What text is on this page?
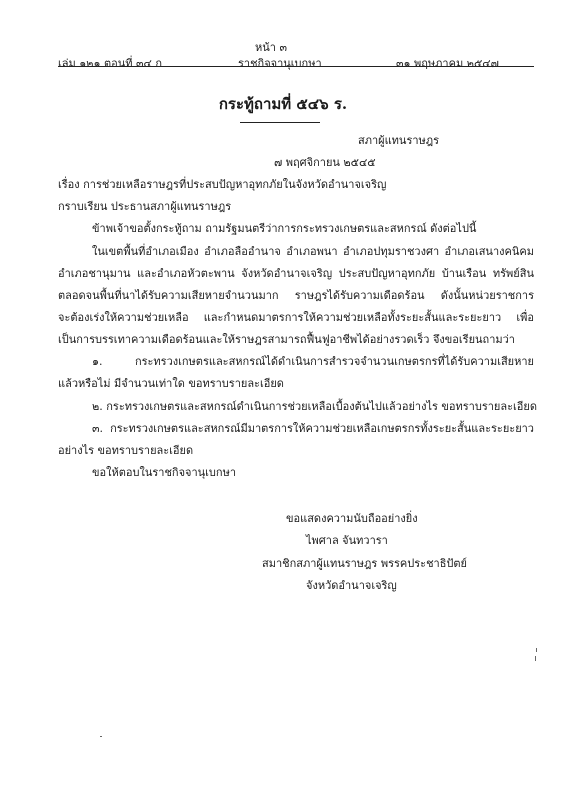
หน้า ๓
เล่ม ๑๒๑ ตอนที่ ๓๔ ก	ราชกิจจานุเบกษา	๓๑ พฤษภาคม ๒๕๔๗
กระทู้ถามที่ ๕๔๖ ร.
สภาผู้แทนราษฎร
๗ พฤศจิกายน ๒๕๔๕
เรื่อง การช่วยเหลือราษฎรที่ประสบปัญหาอุทกภัยในจังหวัดอำนาจเจริญ
กราบเรียน ประธานสภาผู้แทนราษฎร
ข้าพเจ้าขอตั้งกระทู้ถาม ถามรัฐมนตรีว่าการกระทรวงเกษตรและสหกรณ์ ดังต่อไปนี้
ในเขตพื้นที่อำเภอเมือง อำเภอลืออำนาจ อำเภอพนา อำเภอปทุมราชวงศา อำเภอเสนางคนิคม
อำเภอชานุมาน และอำเภอหัวตะพาน จังหวัดอำนาจเจริญ ประสบปัญหาอุทกภัย บ้านเรือน ทรัพย์สิน
ตลอดจนพื้นที่นาได้รับความเสียหายจำนวนมาก ราษฎรได้รับความเดือดร้อน ดังนั้นหน่วยราชการ
จะต้องเร่งให้ความช่วยเหลือ และกำหนดมาตรการให้ความช่วยเหลือทั้งระยะสั้นและระยะยาว เพื่อ
เป็นการบรรเทาความเดือดร้อนและให้ราษฎรสามารถฟื้นฟูอาชีพได้อย่างรวดเร็ว จึงขอเรียนถามว่า
๑. กระทรวงเกษตรและสหกรณ์ได้ดำเนินการสำรวจจำนวนเกษตรกรที่ได้รับความเสียหาย
แล้วหรือไม่ มีจำนวนเท่าใด ขอทราบรายละเอียด
๒. กระทรวงเกษตรและสหกรณ์ดำเนินการช่วยเหลือเบื้องต้นไปแล้วอย่างไร ขอทราบรายละเอียด
๓. กระทรวงเกษตรและสหกรณ์มีมาตรการให้ความช่วยเหลือเกษตรกรทั้งระยะสั้นและระยะยาว
อย่างไร ขอทราบรายละเอียด
ขอให้ตอบในราชกิจจานุเบกษา
ขอแสดงความนับถืออย่างยิ่ง
ไพศาล จันทวารา
สมาชิกสภาผู้แทนราษฎร พรรคประชาธิปัตย์
จังหวัดอำนาจเจริญ
